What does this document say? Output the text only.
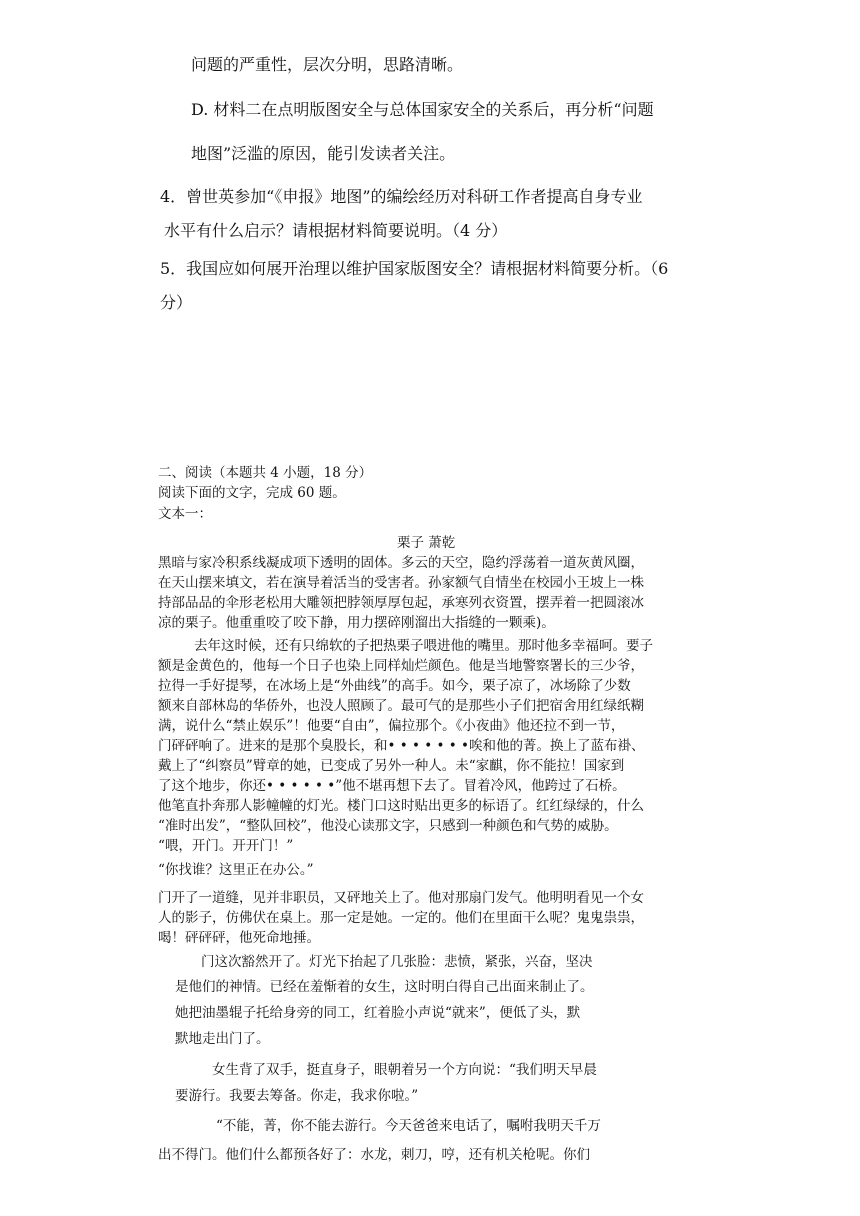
问题的严重性，层次分明，思路清晰。
D. 材料二在点明版图安全与总体国家安全的关系后，再分析“问题
地图”泛滥的原因，能引发读者关注。
4．曾世英参加“《申报》地图”的编绘经历对科研工作者提高自身专业
水平有什么启示？请根据材料简要说明。（4 分）
5．我国应如何展开治理以维护国家版图安全？请根据材料简要分析。（6
分）
二、阅读（本题共 4 小题，18 分）
阅读下面的文字，完成 60 题。
文本一：
栗子 萧乾
黑暗与家冷积系线凝成项下透明的固体。多云的天空，隐约浮荡着一道灰黄风圈，
在天山摆来填文，若在演导着活当的受害者。孙家额气自情坐在校园小王坡上一株
持部品品的伞形老松用大雕领把脖领厚厚包起，承寒列衣资置，摆弄着一把圆滚冰
凉的栗子。他重重咬了咬下静，用力摆碎刚溜出大指缝的一颗乘)。
去年这时候，还有只绵软的子把热栗子喂进他的嘴里。那时他多幸福呵。要子
额是金黄色的，他每一个日子也染上同样灿烂颜色。他是当地警察署长的三少爷，
拉得一手好提琴，在冰场上是“外曲线”的高手。如今，栗子凉了，冰场除了少数
额来自部林岛的华侨外，也没人照顾了。最可气的是那些小子们把宿舍用红绿纸糊
满，说什么“禁止娱乐”！他要“自由”，偏拉那个。《小夜曲》他还拉不到一节，
门砰砰响了。进来的是那个臭股长，和• • • • • • •唉和他的菁。换上了蓝布褂、
戴上了“纠察员”臂章的她，已变成了另外一种人。未“家麒，你不能拉！国家到
了这个地步，你还• • • • • •”他不堪再想下去了。冒着冷风，他跨过了石桥。
他笔直扑奔那人影幢幢的灯光。楼门口这时贴出更多的标语了。红红绿绿的，什么
“准时出发”，“整队回校”，他没心读那文字，只感到一种颜色和气势的威胁。
“喂，开门。开开门！”
“你找谁？这里正在办公。”
门开了一道缝，见并非职员，又砰地关上了。他对那扇门发气。他明明看见一个女
人的影子，仿佛伏在桌上。那一定是她。一定的。他们在里面干么呢？鬼鬼祟祟，
喝！砰砰砰，他死命地捶。
门这次豁然开了。灯光下抬起了几张脸：悲愤，紧张，兴奋，坚决
是他们的神情。已经在羞惭着的女生，这时明白得自己出面来制止了。
她把油墨辊子托给身旁的同工，红着脸小声说“就来”，便低了头，默
默地走出门了。
女生背了双手，挺直身子，眼朝着另一个方向说：“我们明天早晨
要游行。我要去筹备。你走，我求你啦。”
“不能，菁，你不能去游行。今天爸爸来电话了，嘱咐我明天千万
出不得门。他们什么都预各好了：水龙，刺刀，哼，还有机关枪呢。你们
